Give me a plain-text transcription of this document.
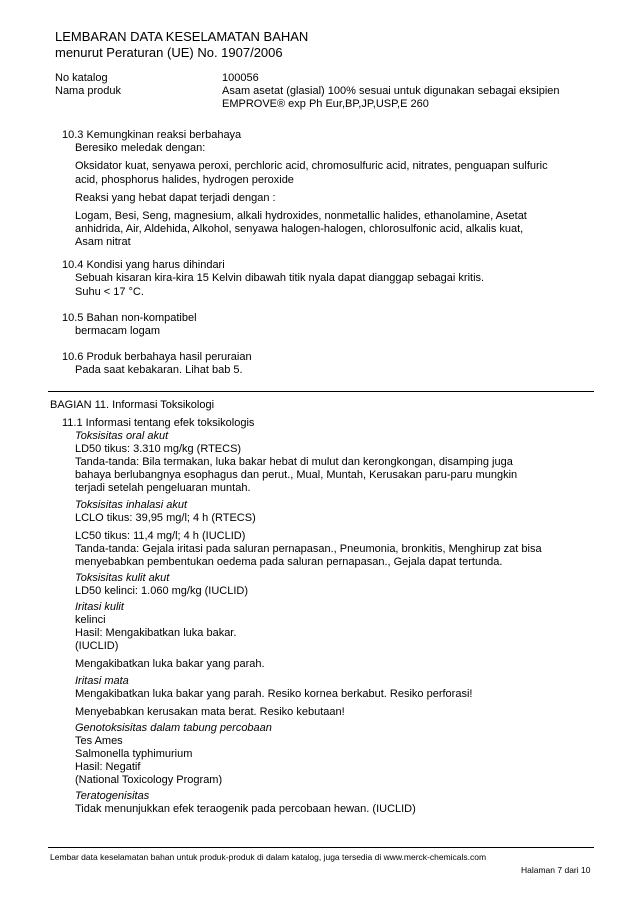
LEMBARAN DATA KESELAMATAN BAHAN
menurut Peraturan (UE) No. 1907/2006
No katalog	100056
Nama produk	Asam asetat (glasial) 100% sesuai untuk digunakan sebagai eksipien
EMPROVE® exp Ph Eur,BP,JP,USP,E 260
10.3 Kemungkinan reaksi berbahaya
Beresiko meledak dengan:
Oksidator kuat, senyawa peroxi, perchloric acid, chromosulfuric acid, nitrates, penguapan sulfuric
acid, phosphorus halides, hydrogen peroxide
Reaksi yang hebat dapat terjadi dengan :
Logam, Besi, Seng, magnesium, alkali hydroxides, nonmetallic halides, ethanolamine, Asetat
anhidrida, Air, Aldehida, Alkohol, senyawa halogen-halogen, chlorosulfonic acid, alkalis kuat,
Asam nitrat
10.4 Kondisi yang harus dihindari
Sebuah kisaran kira-kira 15 Kelvin dibawah titik nyala dapat dianggap sebagai kritis.
Suhu < 17 °C.
10.5 Bahan non-kompatibel
bermacam logam
10.6 Produk berbahaya hasil peruraian
Pada saat kebakaran. Lihat bab 5.
BAGIAN 11. Informasi Toksikologi
11.1 Informasi tentang efek toksikologis
Toksisitas oral akut
LD50 tikus: 3.310 mg/kg (RTECS)
Tanda-tanda: Bila termakan, luka bakar hebat di mulut dan kerongkongan, disamping juga
bahaya berlubangnya esophagus dan perut., Mual, Muntah, Kerusakan paru-paru mungkin
terjadi setelah pengeluaran muntah.
Toksisitas inhalasi akut
LCLO tikus: 39,95 mg/l; 4 h (RTECS)
LC50 tikus: 11,4 mg/l; 4 h (IUCLID)
Tanda-tanda: Gejala iritasi pada saluran pernapasan., Pneumonia, bronkitis, Menghirup zat bisa
menyebabkan pembentukan oedema pada saluran pernapasan., Gejala dapat tertunda.
Toksisitas kulit akut
LD50 kelinci: 1.060 mg/kg (IUCLID)
Iritasi kulit
kelinci
Hasil: Mengakibatkan luka bakar.
(IUCLID)
Mengakibatkan luka bakar yang parah.
Iritasi mata
Mengakibatkan luka bakar yang parah. Resiko kornea berkabut. Resiko perforasi!
Menyebabkan kerusakan mata berat. Resiko kebutaan!
Genotoksisitas dalam tabung percobaan
Tes Ames
Salmonella typhimurium
Hasil: Negatif
(National Toxicology Program)
Teratogenisitas
Tidak menunjukkan efek teraogenik pada percobaan hewan. (IUCLID)
Lembar data keselamatan bahan untuk produk-produk di dalam katalog, juga tersedia di www.merck-chemicals.com
Halaman 7 dari 10
